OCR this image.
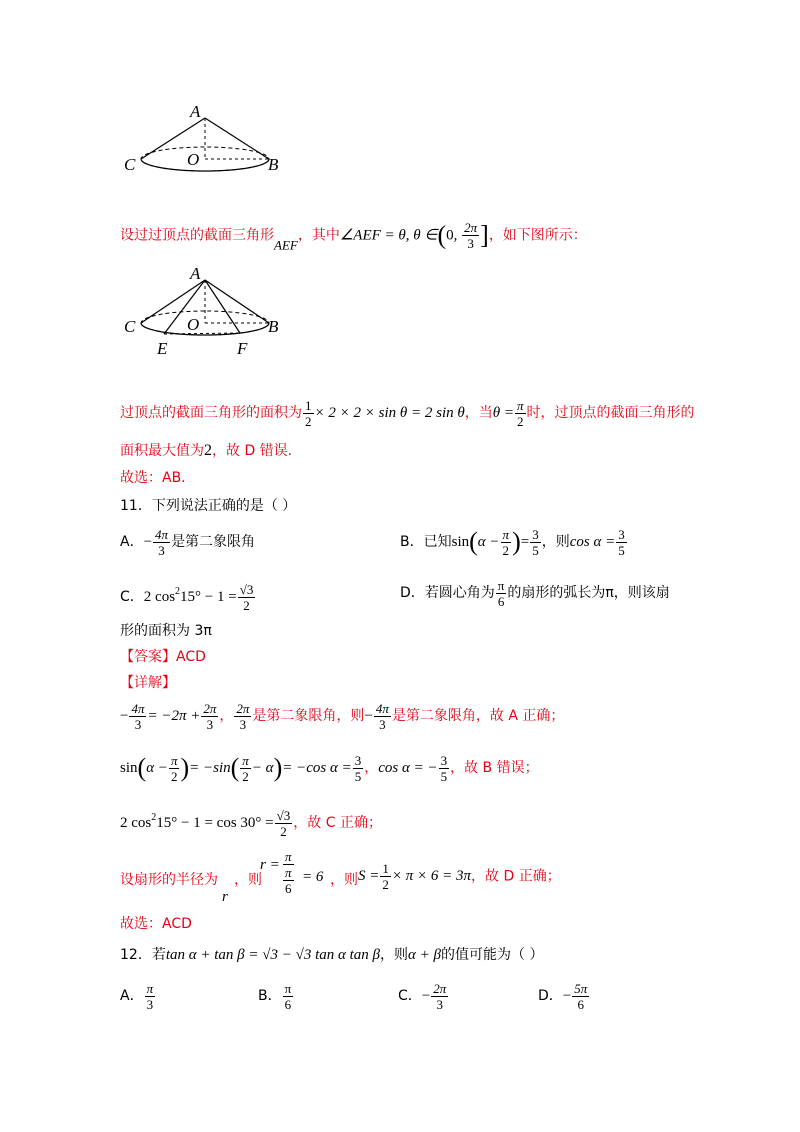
A
O	B
C
设过过顶点的截面三角形AEF，其中∠AEF = θ, θ ∈(0, $\frac{2\pi}{3}$ ]，如下图所示：
A
O	B
C
E	F
过顶点的截面三角形的面积为 $\frac{1}{2} \times 2 \times 2 \times \sin \theta = 2$ sin θ，当$\theta = \frac{\pi}{2}$ 时，过顶点的截面三角形的
面积最大值为2，故 D 错误.
故选：AB.
11．下列说法正确的是（ ）
A．− $\frac{4\pi}{3}$ 是第二象限角	B．已知$\sin(\alpha - \frac{\pi}{2}$ )= $\frac{3}{5}$ ，则$\cos \alpha = \frac{3}{5}$
C．2 $\cos^215^\circ - 1 = \frac{√3}{2}$	D．若圆心角为 $\frac{\pi}{6}$ 的扇形的弧长为π，则该扇
形的面积为 3π
【答案】ACD
【详解】
− $\frac{4\pi}{3} = -2\pi + \frac{2\pi}{3}$ ， $\frac{2\pi}{3}$ 是第二象限角，则− $\frac{4\pi}{3}$ 是第二象限角，故 A 正确；
$\sin(\alpha - \frac{\pi}{2}$ )= $-\sin( \frac{\pi}{2} - \alpha)= -\cos$ $\alpha = \frac{3}{5}$ ，cos α = − $\frac{3}{5}$ ，故 B 错误；
2 $\cos^215^\circ - 1 = \cos 30^\circ = \frac{√3}{2}$ ，故 C 正确；
设扇形的半径为
r
，则
r =
π
π
6
= 6 ，则 $S = \frac{1}{2} \times \pi \times 6 = 3\pi$，故 D 正确；
故选：ACD
12．若tan α + tan β = √3 − √3 tan α tan β，则α + β的值可能为（ ）
A． $\frac{\pi}{3}$	B． $\frac{\pi}{6}$	C．− $\frac{2\pi}{3}$	D．− $\frac{5\pi}{6}$
